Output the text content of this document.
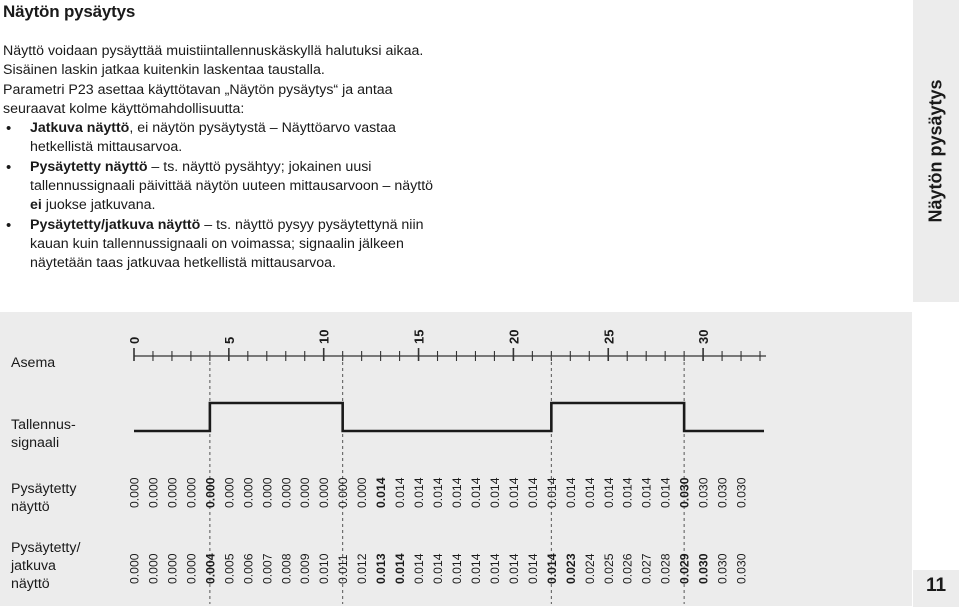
Näytön pysäytys

Näyttö voidaan pysäyttää muistiintallennuskäskyllä halutuksi aikaa. Sisäinen laskin jatkaa kuitenkin laskentaa taustalla.

Parametri P23 asettaa käyttötavan „Näytön pysäytys“ ja antaa seuraavat kolme käyttömahdollisuutta:

• Jatkuva näyttö, ei näytön pysäytystä – Näyttöarvo vastaa hetkellistä mittausarvoa.
• Pysäytetty näyttö – ts. näyttö pysähtyy; jokainen uusi tallennussignaali päivittää näytön uuteen mittausarvoon – näyttö ei juokse jatkuvana.
• Pysäytetty/jatkuva näyttö – ts. näyttö pysyy pysäytettynä niin kauan kuin tallennussignaali on voimassa; signaalin jälkeen näytetään taas jatkuvaa hetkellistä mittausarvoa.
Näytön pysäytys
Asema
Tallennus-
signaali
Pysäytetty
näyttö
Pysäytetty/
jatkuva
näyttö
0	5	10	15	20	25	30
0.000 0.000 0.000 0.000 0.000 0.000 0.000 0.000 0.000 0.000 0.000 0.000 0.000 0.014 0.014 0.014 0.014 0.014 0.014 0.014 0.014 0.014 0.014 0.014 0.014 0.014 0.014 0.014 0.014 0.030 0.030 0.030 0.030
0.000 0.000 0.000 0.000 0.004 0.005 0.006 0.007 0.008 0.009 0.010 0.011 0.012 0.013 0.014 0.014 0.014 0.014 0.014 0.014 0.014 0.014 0.014 0.023 0.024 0.025 0.026 0.027 0.028 0.029 0.030 0.030 0.030
11
